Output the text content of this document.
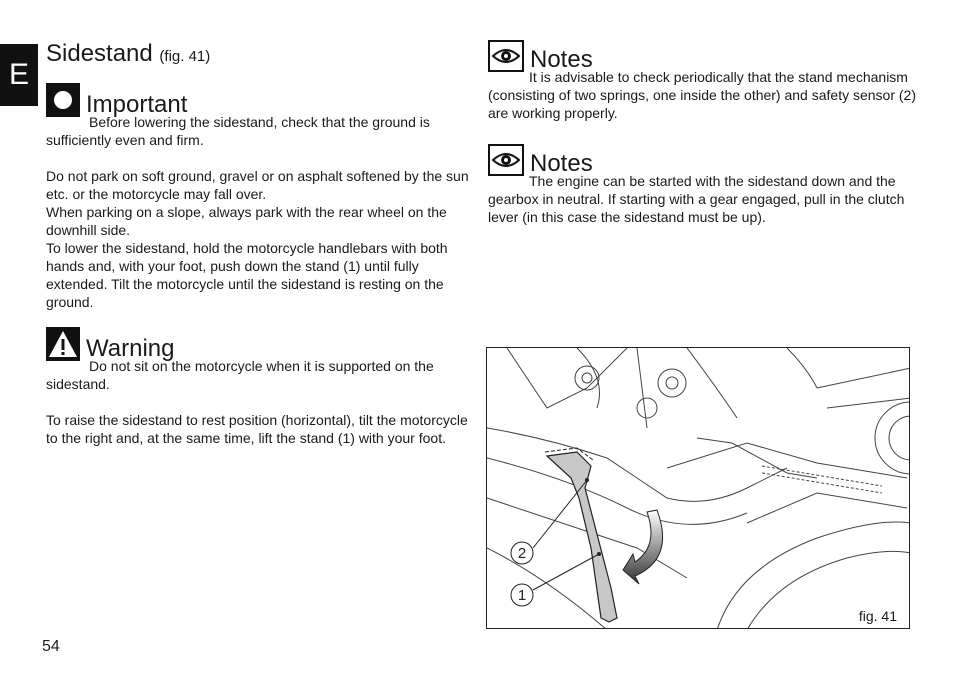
E
Sidestand (fig. 41)
Important

Before lowering the sidestand, check that the ground is sufficiently even and firm.

Do not park on soft ground, gravel or on asphalt softened by the sun etc. or the motorcycle may fall over.

When parking on a slope, always park with the rear wheel on the downhill side.

To lower the sidestand, hold the motorcycle handlebars with both hands and, with your foot, push down the stand (1) until fully extended. Tilt the motorcycle until the sidestand is resting on the ground.

Warning

Do not sit on the motorcycle when it is supported on the sidestand.

To raise the sidestand to rest position (horizontal), tilt the motorcycle to the right and, at the same time, lift the stand (1) with your foot.

Notes

It is advisable to check periodically that the stand mechanism (consisting of two springs, one inside the other) and safety sensor (2) are working properly.

Notes

The engine can be started with the sidestand down and the gearbox in neutral. If starting with a gear engaged, pull in the clutch lever (in this case the sidestand must be up).

2
1
fig. 41
54
